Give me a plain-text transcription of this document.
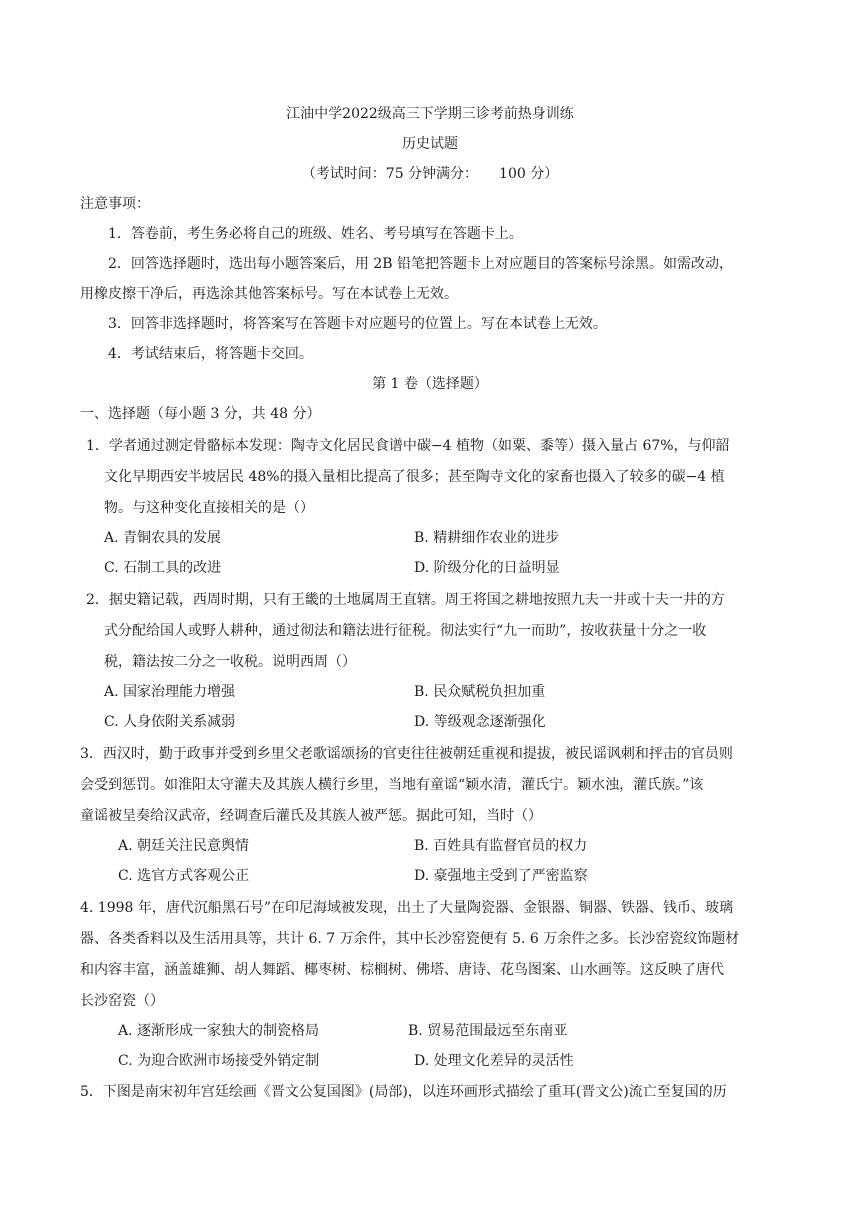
江油中学2022级高三下学期三诊考前热身训练
历史试题
（考试时间：75 分钟满分：　　100 分）
注意事项：
1．答卷前，考生务必将自己的班级、姓名、考号填写在答题卡上。
2．回答选择题时，选出每小题答案后，用 2B 铅笔把答题卡上对应题目的答案标号涂黑。如需改动，
用橡皮擦干净后，再选涂其他答案标号。写在本试卷上无效。
3．回答非选择题时，将答案写在答题卡对应题号的位置上。写在本试卷上无效。
4．考试结束后，将答题卡交回。
第 1 卷（选择题）
一、选择题（每小题 3 分，共 48 分）
1．学者通过测定骨骼标本发现：陶寺文化居民食谱中碳−4 植物（如粟、黍等）摄入量占 67%，与仰韶
文化早期西安半坡居民 48%的摄入量相比提高了很多；甚至陶寺文化的家畜也摄入了较多的碳−4 植
物。与这种变化直接相关的是（）
A. 青铜农具的发展	B. 精耕细作农业的进步
C. 石制工具的改进	D. 阶级分化的日益明显
2．据史籍记载，西周时期，只有王畿的土地属周王直辖。周王将国之耕地按照九夫一井或十夫一井的方
式分配给国人或野人耕种，通过彻法和籍法进行征税。彻法实行“九一而助”，按收获量十分之一收
税，籍法按二分之一收税。说明西周（）
A. 国家治理能力增强	B. 民众赋税负担加重
C. 人身依附关系减弱	D. 等级观念逐渐强化
3．西汉时，勤于政事并受到乡里父老歌谣颂扬的官吏往往被朝廷重视和提拔，被民谣讽刺和抨击的官员则
会受到惩罚。如淮阳太守灌夫及其族人横行乡里，当地有童谣“颖水清，灌氏宁。颖水浊，灌氏族。”该
童谣被呈奏给汉武帝，经调查后灌氏及其族人被严惩。据此可知，当时（）
A. 朝廷关注民意舆情	B. 百姓具有监督官员的权力
C. 选官方式客观公正	D. 豪强地主受到了严密监察
4. 1998 年，唐代沉船黑石号”在印尼海域被发现，出土了大量陶瓷器、金银器、铜器、铁器、钱币、玻璃
器、各类香料以及生活用具等，共计 6. 7 万余件，其中长沙窑瓷便有 5. 6 万余件之多。长沙窑瓷纹饰题材
和内容丰富，涵盖雄狮、胡人舞蹈、椰枣树、棕榈树、佛塔、唐诗、花鸟图案、山水画等。这反映了唐代
长沙窑瓷（）
A. 逐渐形成一家独大的制瓷格局	B. 贸易范围最远至东南亚
C. 为迎合欧洲市场接受外销定制	D. 处理文化差异的灵活性
5．下图是南宋初年宫廷绘画《晋文公复国图》(局部)，以连环画形式描绘了重耳(晋文公)流亡至复国的历
